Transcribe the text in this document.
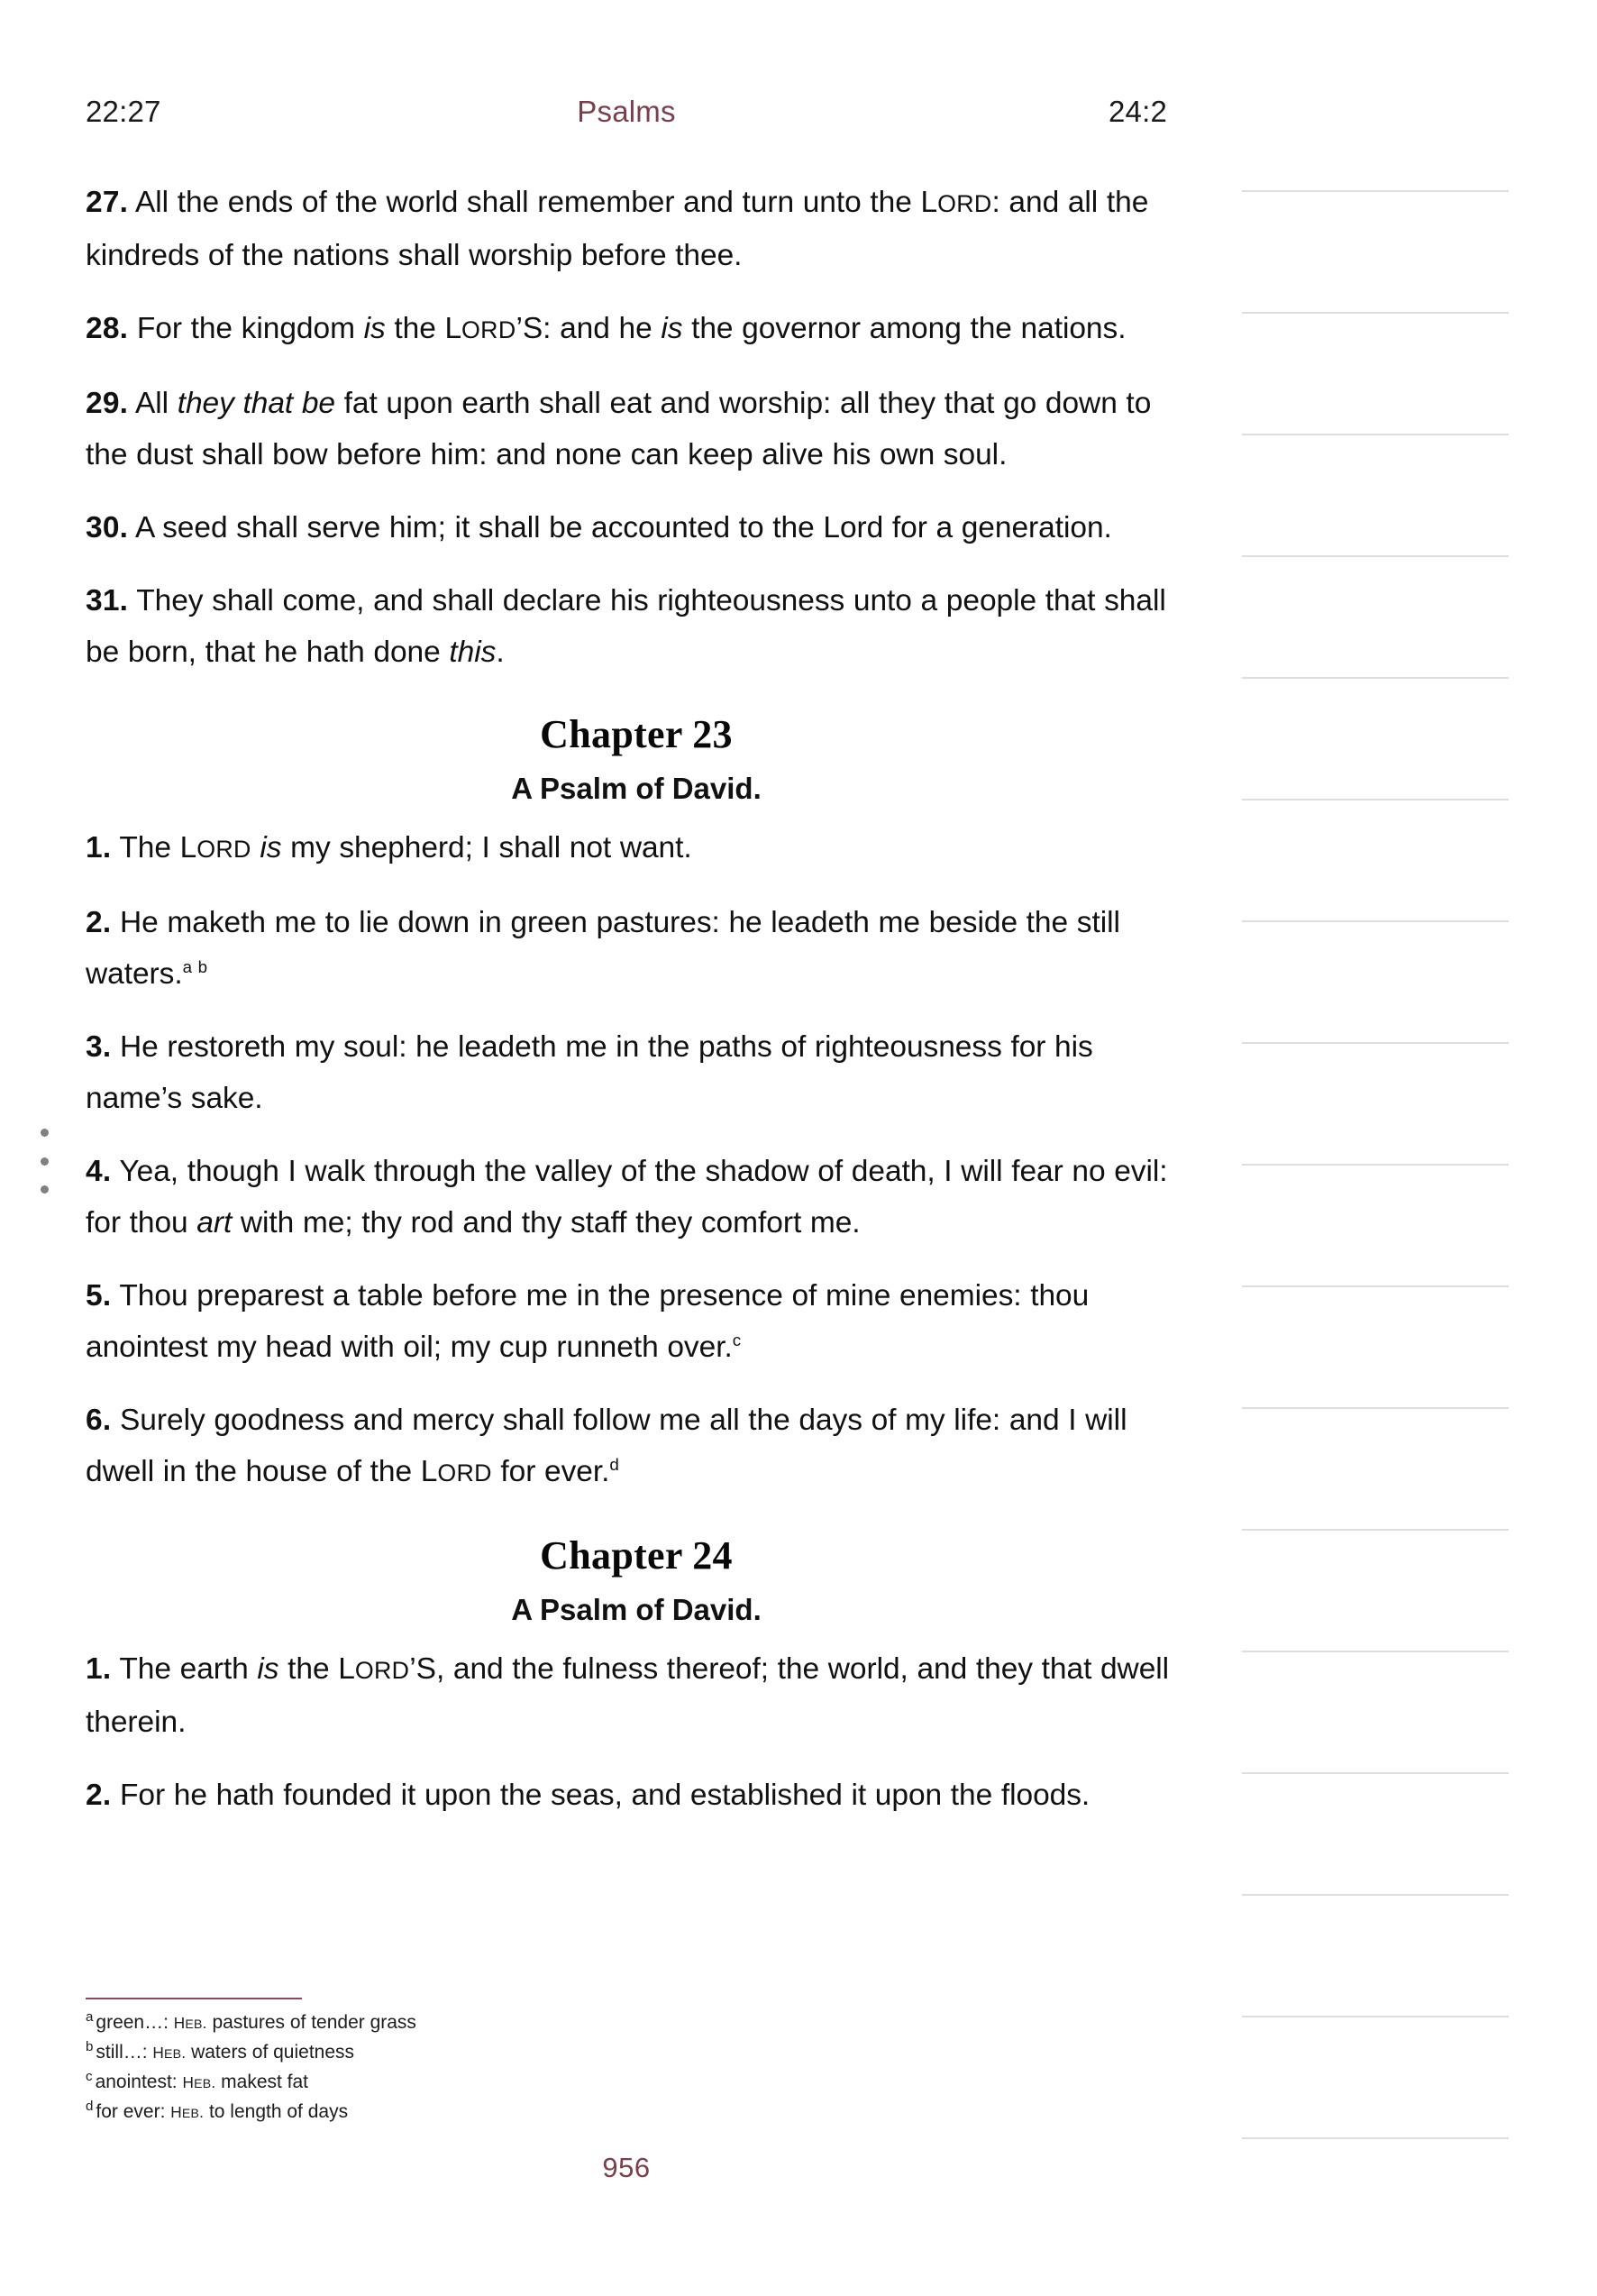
22:27	Psalms	24:2

27. All the ends of the world shall remember and turn unto the LORD: and all the kindreds of the nations shall worship before thee.

28. For the kingdom is the LORD’S: and he is the governor among the nations.

29. All they that be fat upon earth shall eat and worship: all they that go down to the dust shall bow before him: and none can keep alive his own soul.

30. A seed shall serve him; it shall be accounted to the Lord for a generation.

31. They shall come, and shall declare his righteousness unto a people that shall be born, that he hath done this.

Chapter 23
A Psalm of David.

1. The LORD is my shepherd; I shall not want.

2. He maketh me to lie down in green pastures: he leadeth me beside the still waters.$^{a b}$

3. He restoreth my soul: he leadeth me in the paths of righteousness for his name’s sake.

4. Yea, though I walk through the valley of the shadow of death, I will fear no evil: for thou art with me; thy rod and thy staff they comfort me.

5. Thou preparest a table before me in the presence of mine enemies: thou anointest my head with oil; my cup runneth over.$^c$

6. Surely goodness and mercy shall follow me all the days of my life: and I will dwell in the house of the LORD for ever.$^d$

Chapter 24
A Psalm of David.

1. The earth is the LORD’S, and the fulness thereof; the world, and they that dwell therein.

2. For he hath founded it upon the seas, and established it upon the floods.

$^a$ green…: HEB. pastures of tender grass
$^b$ still…: HEB. waters of quietness
$^c$ anointest: HEB. makest fat
$^d$ for ever: HEB. to length of days
956
